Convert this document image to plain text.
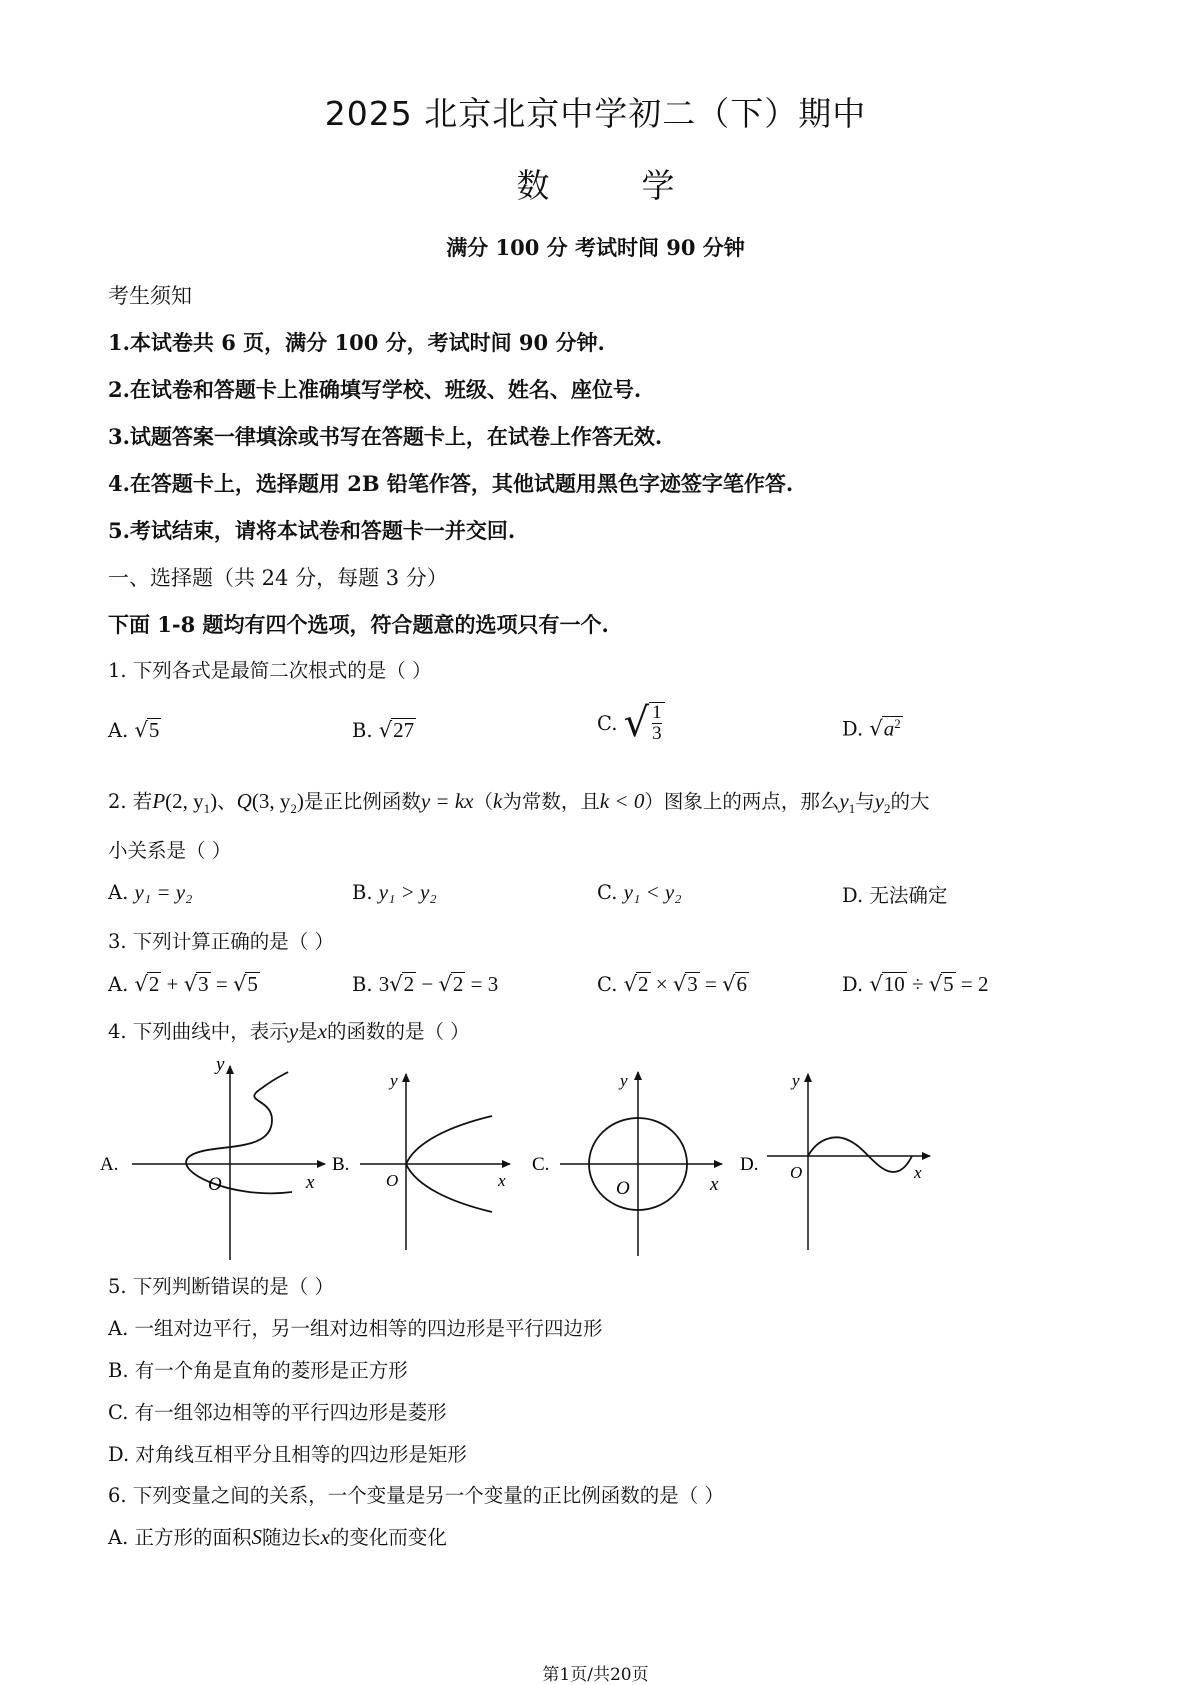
2025 北京北京中学初二（下）期中
数学
满分 100 分 考试时间 90 分钟
考生须知
1.本试卷共 6 页，满分 100 分，考试时间 90 分钟.
2.在试卷和答题卡上准确填写学校、班级、姓名、座位号.
3.试题答案一律填涂或书写在答题卡上，在试卷上作答无效.
4.在答题卡上，选择题用 2B 铅笔作答，其他试题用黑色字迹签字笔作答.
5.考试结束，请将本试卷和答题卡一并交回.
一、选择题（共 24 分，每题 3 分）
下面 1-8 题均有四个选项，符合题意的选项只有一个.
1. 下列各式是最简二次根式的是（ ）
A. √5	B. √27	C. √ $\frac{1}{3}$	D. $√a^2$
2. 若P(2, $y_1$)、Q(3, $y_2$)是正比例函数y = kx（k为常数，且k < 0）图象上的两点，那么$y_1$与$y_2$的大
小关系是（ ）
A. y₁ = y₂	B. y₁ > y₂	C. y₁ < y₂	D. 无法确定
3. 下列计算正确的是（ ）
A. √2 + √3 = √5	B. 3√2 − √2 = 3	C. √2 × √3 = √6	D. √10 ÷ √5 = 2
4. 下列曲线中，表示y是x的函数的是（ ）
A.
y
O	x
B.
y
O	x
C.
y
O	x
D.
y
O	x
5. 下列判断错误的是（ ）
A. 一组对边平行，另一组对边相等的四边形是平行四边形
B. 有一个角是直角的菱形是正方形
C. 有一组邻边相等的平行四边形是菱形
D. 对角线互相平分且相等的四边形是矩形
6. 下列变量之间的关系，一个变量是另一个变量的正比例函数的是（ ）
A. 正方形的面积S随边长x的变化而变化
第1页/共20页
